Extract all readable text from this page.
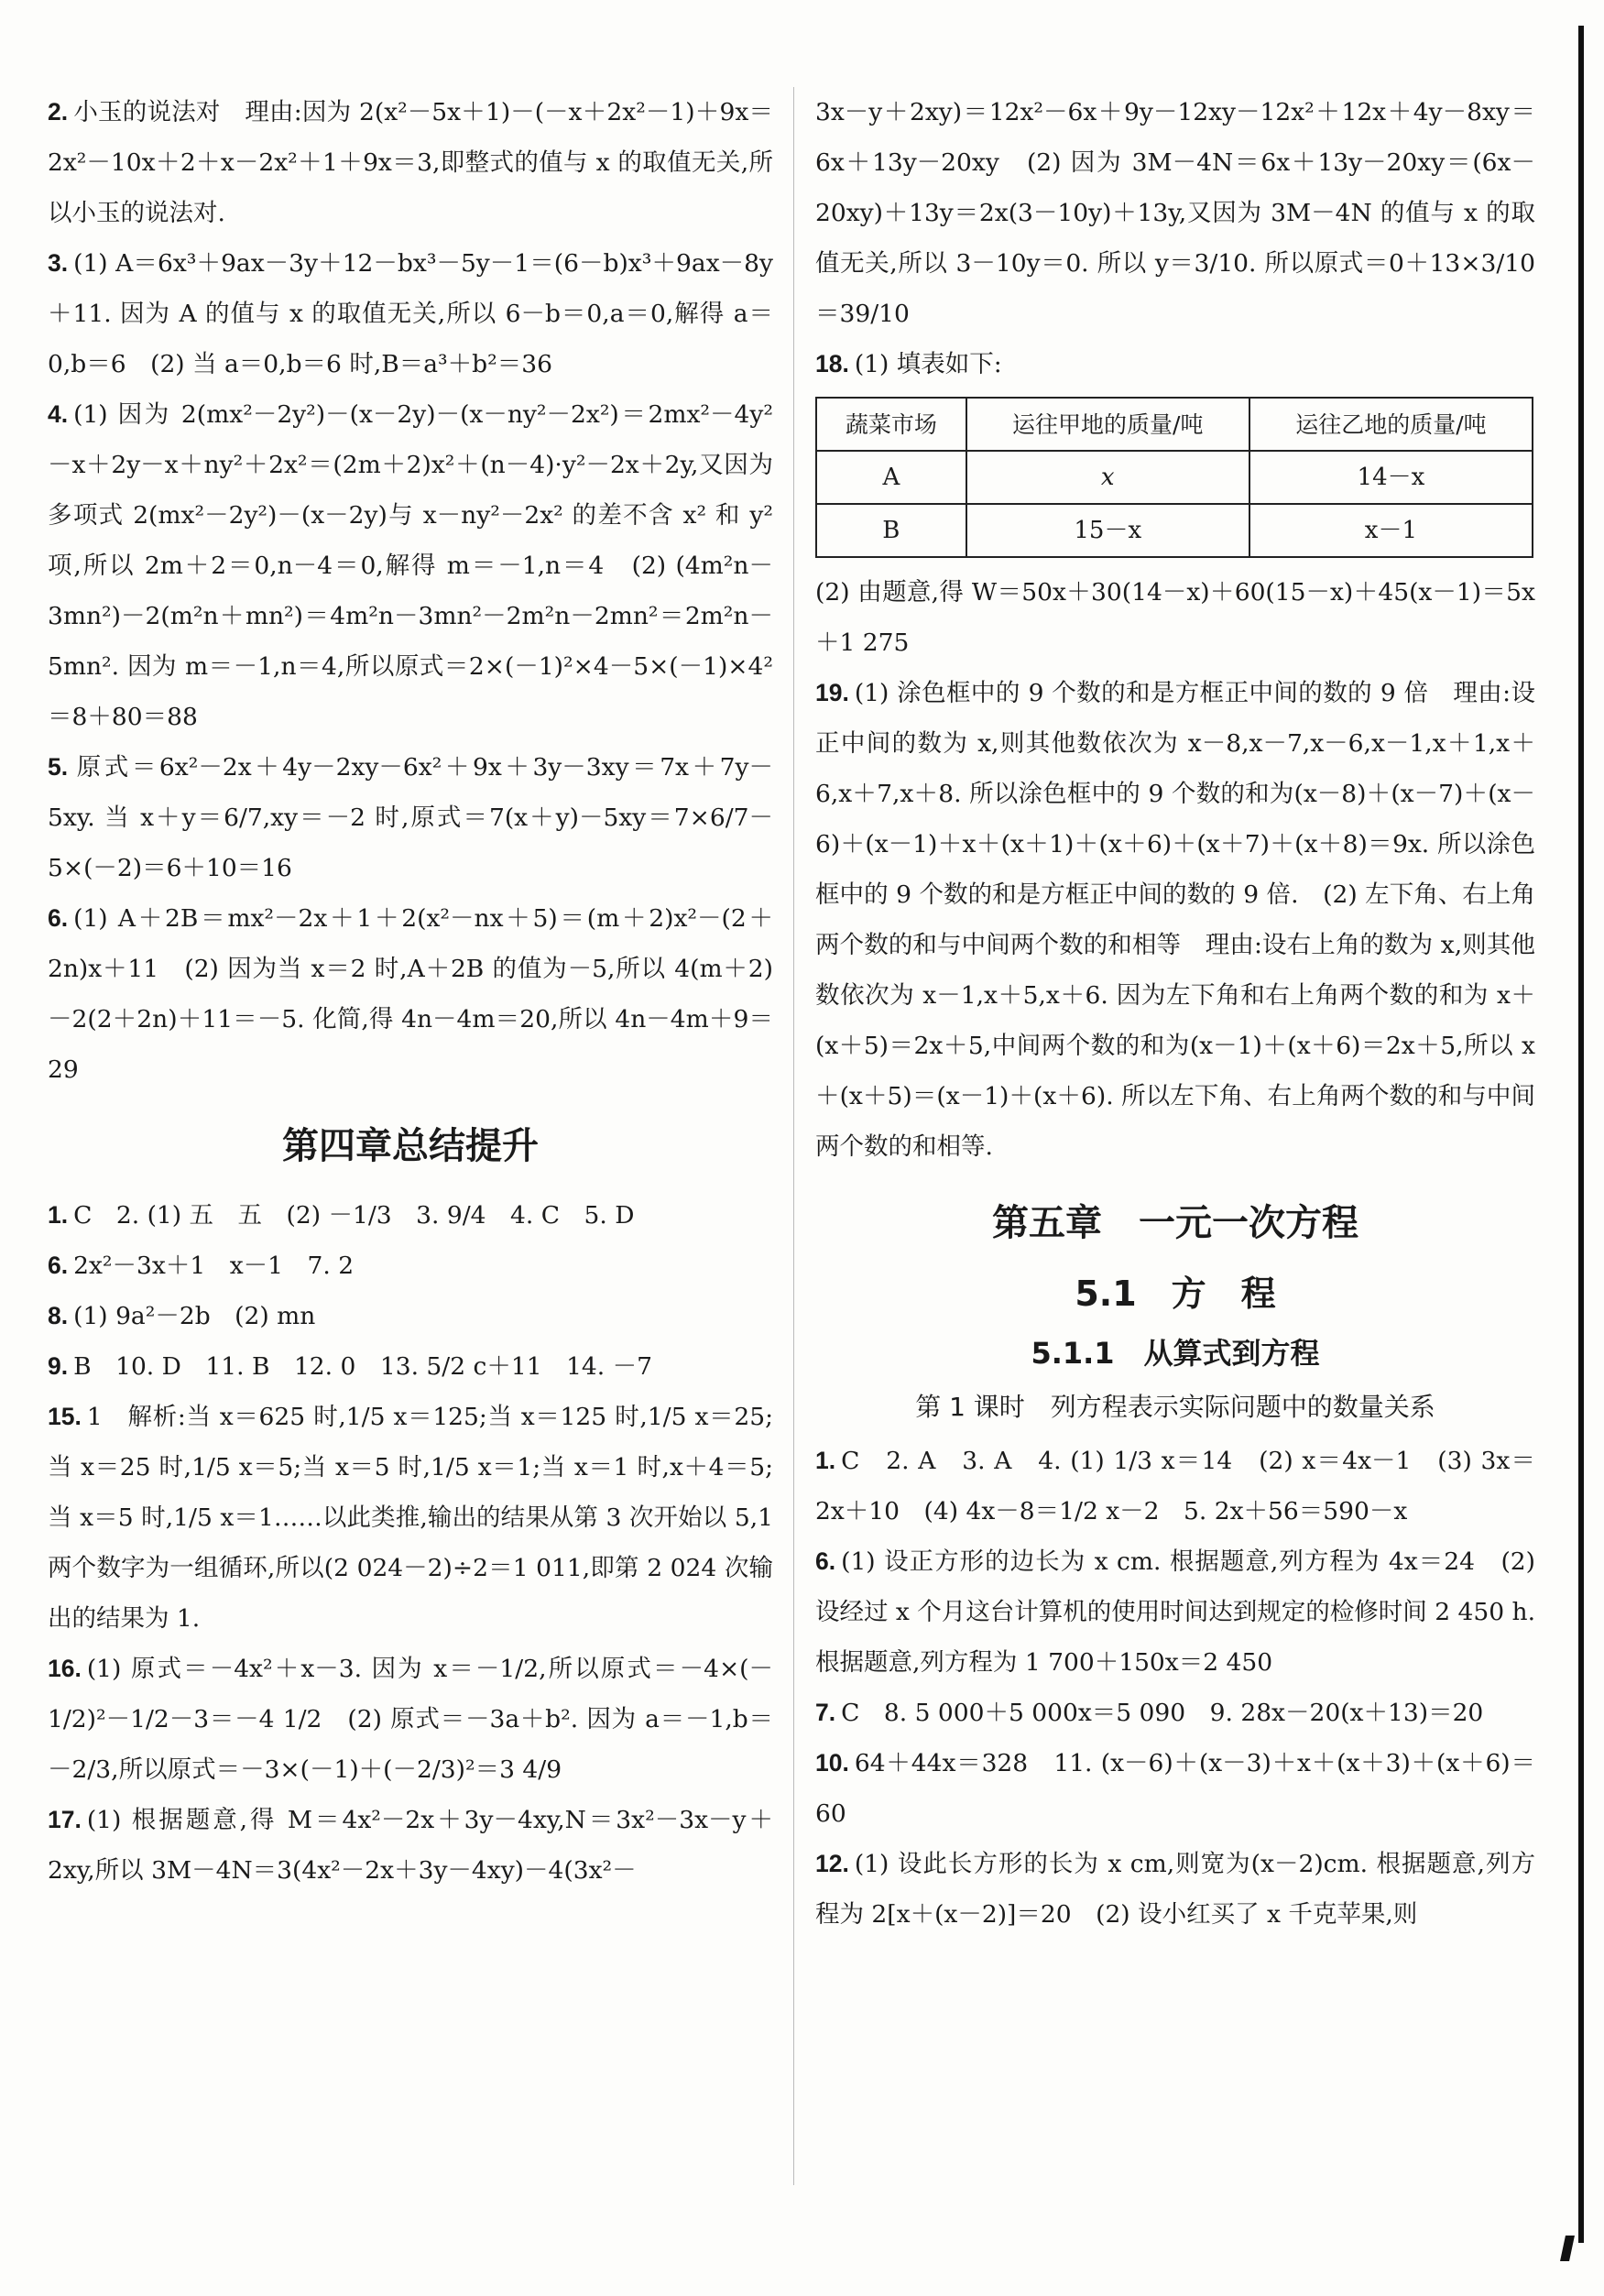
2. 小玉的说法对　理由:因为 2(x²－5x＋1)－(－x＋2x²－1)＋9x＝2x²－10x＋2＋x－2x²＋1＋9x＝3,即整式的值与 x 的取值无关,所以小玉的说法对.

3. (1) A＝6x³＋9ax－3y＋12－bx³－5y－1＝(6－b)x³＋9ax－8y＋11. 因为 A 的值与 x 的取值无关,所以 6－b＝0,a＝0,解得 a＝0,b＝6　(2) 当 a＝0,b＝6 时,B＝a³＋b²＝36

4. (1) 因为 2(mx²－2y²)－(x－2y)－(x－ny²－2x²)＝2mx²－4y²－x＋2y－x＋ny²＋2x²＝(2m＋2)x²＋(n－4)·y²－2x＋2y,又因为多项式 2(mx²－2y²)－(x－2y)与 x－ny²－2x² 的差不含 x² 和 y² 项,所以 2m＋2＝0,n－4＝0,解得 m＝－1,n＝4　(2) (4m²n－3mn²)－2(m²n＋mn²)＝4m²n－3mn²－2m²n－2mn²＝2m²n－5mn². 因为 m＝－1,n＝4,所以原式＝2×(－1)²×4－5×(－1)×4²＝8＋80＝88

5. 原式＝6x²－2x＋4y－2xy－6x²＋9x＋3y－3xy＝7x＋7y－5xy. 当 x＋y＝6/7,xy＝－2 时,原式＝7(x＋y)－5xy＝7×6/7－5×(－2)＝6＋10＝16

6. (1) A＋2B＝mx²－2x＋1＋2(x²－nx＋5)＝(m＋2)x²－(2＋2n)x＋11　(2) 因为当 x＝2 时,A＋2B 的值为－5,所以 4(m＋2)－2(2＋2n)＋11＝－5. 化简,得 4n－4m＝20,所以 4n－4m＋9＝29

第四章总结提升

1. C　2. (1) 五　五　(2) －1/3　3. 9/4　4. C　5. D

6. 2x²－3x＋1　x－1　7. 2

8. (1) 9a²－2b　(2) mn

9. B　10. D　11. B　12. 0　13. 5/2 c＋11　14. －7

15. 1　解析:当 x＝625 时,1/5 x＝125;当 x＝125 时,1/5 x＝25;当 x＝25 时,1/5 x＝5;当 x＝5 时,1/5 x＝1;当 x＝1 时,x＋4＝5;当 x＝5 时,1/5 x＝1……以此类推,输出的结果从第 3 次开始以 5,1 两个数字为一组循环,所以(2 024－2)÷2＝1 011,即第 2 024 次输出的结果为 1.

16. (1) 原式＝－4x²＋x－3. 因为 x＝－1/2,所以原式＝－4×(－1/2)²－1/2－3＝－4 1/2　(2) 原式＝－3a＋b². 因为 a＝－1,b＝－2/3,所以原式＝－3×(－1)＋(－2/3)²＝3 4/9

17. (1) 根据题意,得 M＝4x²－2x＋3y－4xy,N＝3x²－3x－y＋2xy,所以 3M－4N＝3(4x²－2x＋3y－4xy)－4(3x²－

3x－y＋2xy)＝12x²－6x＋9y－12xy－12x²＋12x＋4y－8xy＝6x＋13y－20xy　(2) 因为 3M－4N＝6x＋13y－20xy＝(6x－20xy)＋13y＝2x(3－10y)＋13y,又因为 3M－4N 的值与 x 的取值无关,所以 3－10y＝0. 所以 y＝3/10. 所以原式＝0＋13×3/10＝39/10

18. (1) 填表如下:

蔬菜市场	运往甲地的质量/吨	运往乙地的质量/吨
A	x	14－x
B	15－x	x－1

(2) 由题意,得 W＝50x＋30(14－x)＋60(15－x)＋45(x－1)＝5x＋1 275

19. (1) 涂色框中的 9 个数的和是方框正中间的数的 9 倍　理由:设正中间的数为 x,则其他数依次为 x－8,x－7,x－6,x－1,x＋1,x＋6,x＋7,x＋8. 所以涂色框中的 9 个数的和为(x－8)＋(x－7)＋(x－6)＋(x－1)＋x＋(x＋1)＋(x＋6)＋(x＋7)＋(x＋8)＝9x. 所以涂色框中的 9 个数的和是方框正中间的数的 9 倍.　(2) 左下角、右上角两个数的和与中间两个数的和相等　理由:设右上角的数为 x,则其他数依次为 x－1,x＋5,x＋6. 因为左下角和右上角两个数的和为 x＋(x＋5)＝2x＋5,中间两个数的和为(x－1)＋(x＋6)＝2x＋5,所以 x＋(x＋5)＝(x－1)＋(x＋6). 所以左下角、右上角两个数的和与中间两个数的和相等.

第五章　一元一次方程
5.1　方　程
5.1.1　从算式到方程
第 1 课时　列方程表示实际问题中的数量关系

1. C　2. A　3. A　4. (1) 1/3 x＝14　(2) x＝4x－1　(3) 3x＝2x＋10　(4) 4x－8＝1/2 x－2　5. 2x＋56＝590－x

6. (1) 设正方形的边长为 x cm. 根据题意,列方程为 4x＝24　(2) 设经过 x 个月这台计算机的使用时间达到规定的检修时间 2 450 h. 根据题意,列方程为 1 700＋150x＝2 450

7. C　8. 5 000＋5 000x＝5 090　9. 28x－20(x＋13)＝20

10. 64＋44x＝328　11. (x－6)＋(x－3)＋x＋(x＋3)＋(x＋6)＝60

12. (1) 设此长方形的长为 x cm,则宽为(x－2)cm. 根据题意,列方程为 2[x＋(x－2)]＝20　(2) 设小红买了 x 千克苹果,则
